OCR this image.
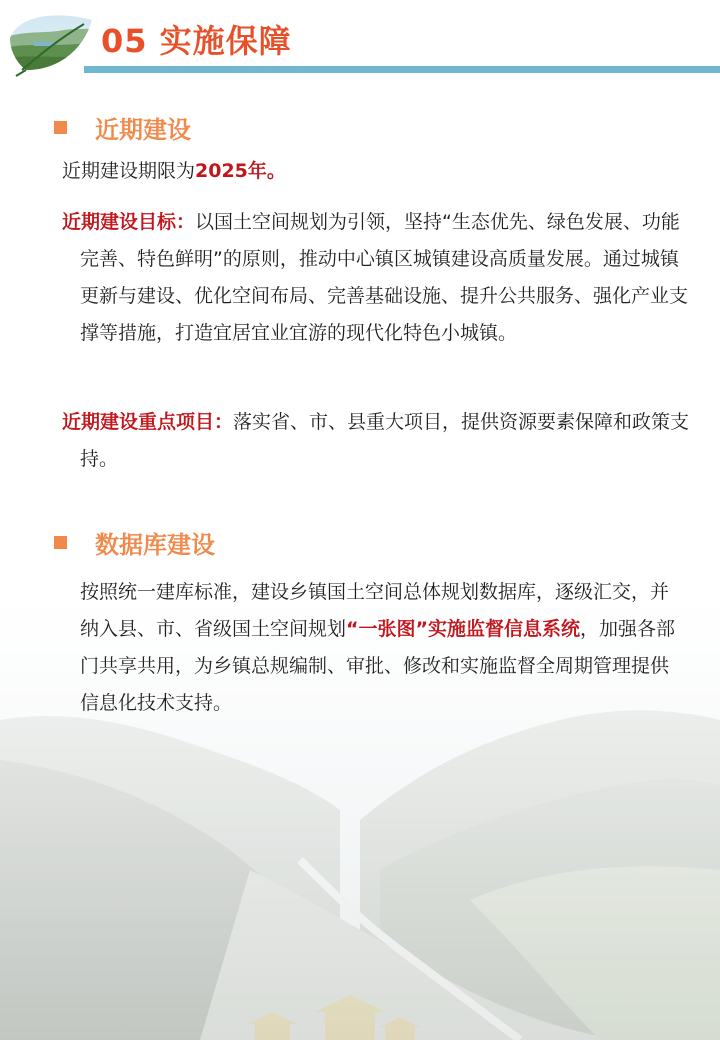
05 实施保障
近期建设
近期建设期限为2025年。
近期建设目标：以国土空间规划为引领，坚持“生态优先、绿色发展、功能完善、特色鲜明”的原则，推动中心镇区城镇建设高质量发展。通过城镇更新与建设、优化空间布局、完善基础设施、提升公共服务、强化产业支撑等措施，打造宜居宜业宜游的现代化特色小城镇。
近期建设重点项目：落实省、市、县重大项目，提供资源要素保障和政策支持。
数据库建设
按照统一建库标准，建设乡镇国土空间总体规划数据库，逐级汇交，并纳入县、市、省级国土空间规划“一张图”实施监督信息系统，加强各部门共享共用，为乡镇总规编制、审批、修改和实施监督全周期管理提供信息化技术支持。
